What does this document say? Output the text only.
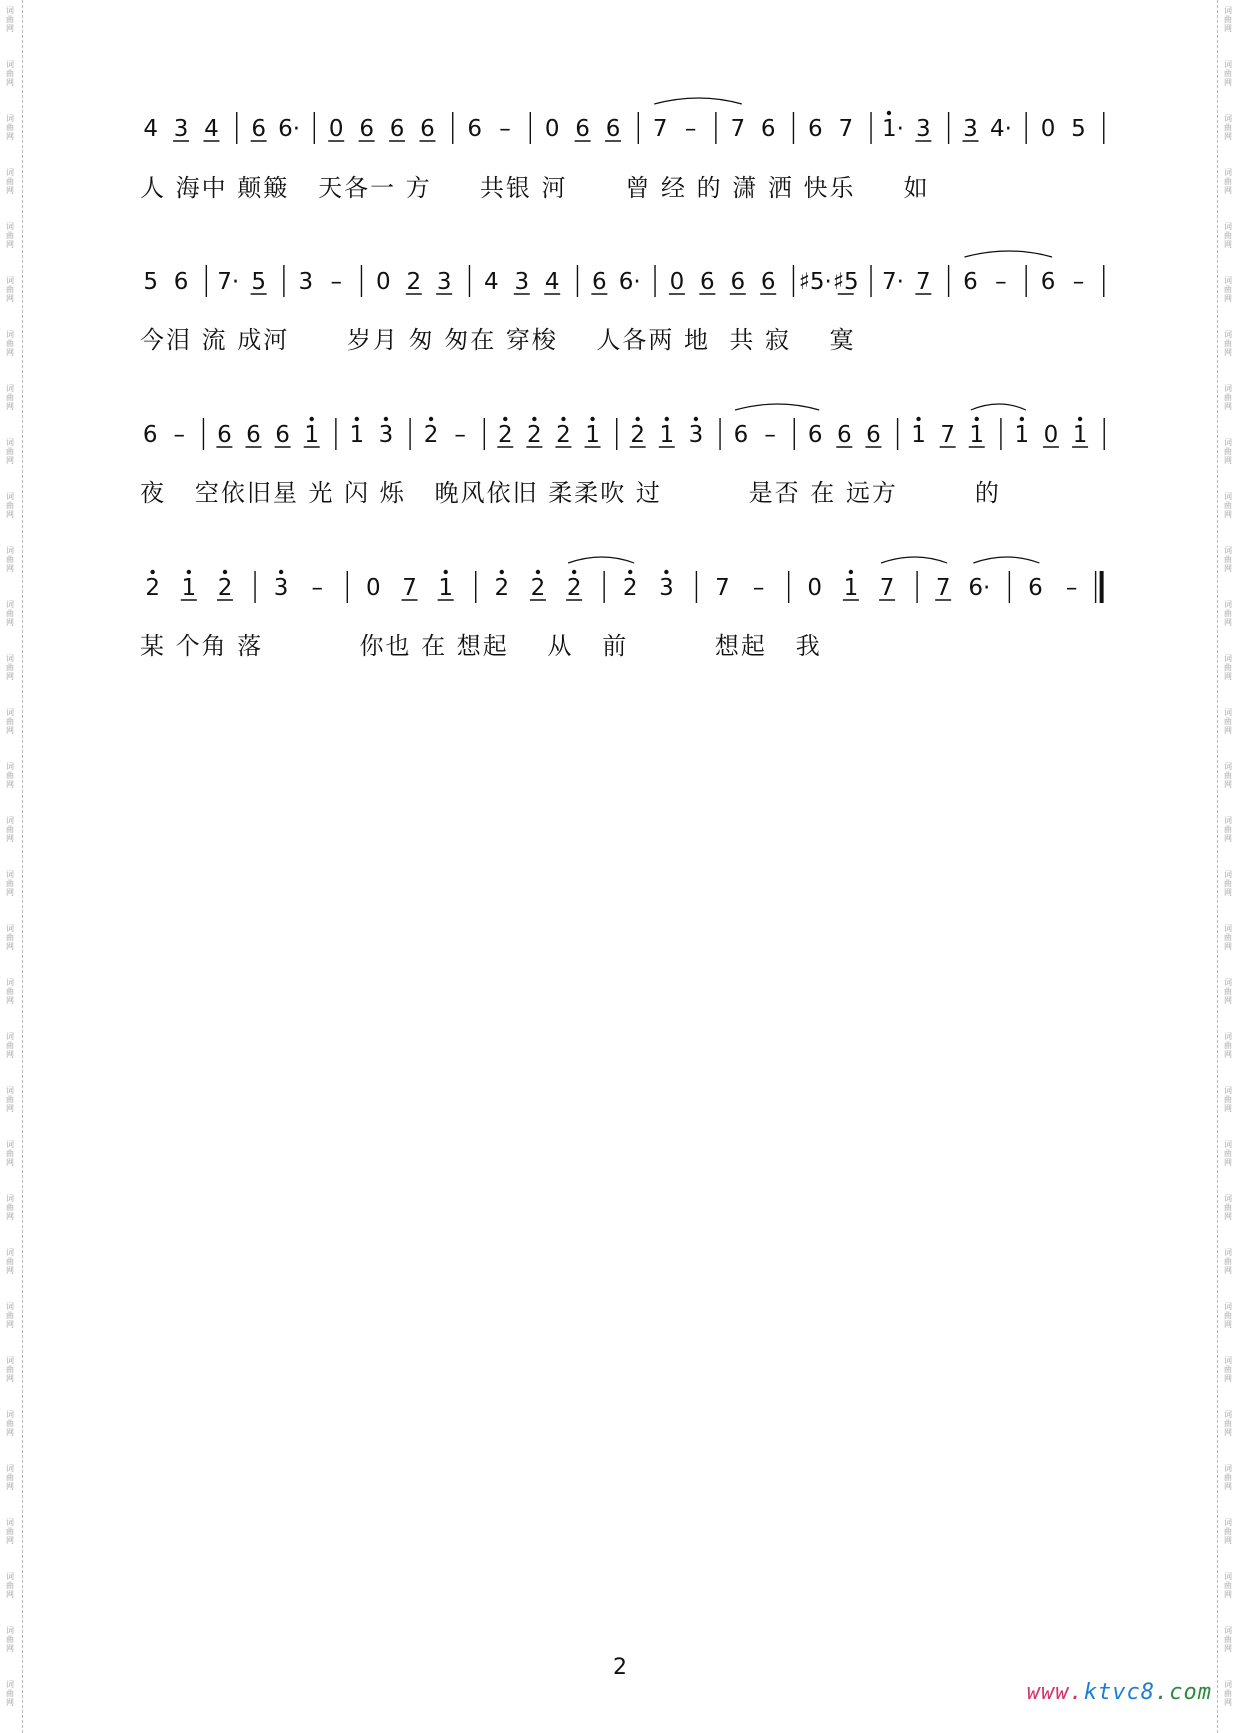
词
曲
网
词
曲
网
词
曲
网
词
曲
网
词
曲
网
词
曲
网
词
曲
网
词
曲
网
词
曲
网
词
曲
网
词
曲
网
词
曲
网
词
曲
网
词
曲
网
词
曲
网
词
曲
网
词
曲
网
词
曲
网
词
曲
网
词
曲
网
词
曲
网
词
曲
网
词
曲
网
词
曲
网
词
曲
网
词
曲
网
词
曲
网
词
曲
网
词
曲
网
词
曲
网
词
曲
网
词
曲
网
词
曲
网
词
曲
网
词
曲
网
词
曲
网
词
曲
网
词
曲
网
词
曲
网
词
曲
网
词
曲
网
词
曲
网
词
曲
网
词
曲
网
词
曲
网
词
曲
网
词
曲
网
词
曲
网
词
曲
网
词
曲
网
词
曲
网
词
曲
网
词
曲
网
词
曲
网
词
曲
网
词
曲
网
词
曲
网
词
曲
网
词
曲
网
词
曲
网
词
曲
网
词
曲
网
词
曲
网
词
曲
网
4 3 4 6 6· 0 6 6 6 6 – 0 6 6 7 – 7 6 6 7 1· 3 3 4· 0 5
5 6 7· 5 3 – 0 2 3 4 3 4 6 6· 0 6 6 6 ♯5· ♯5 7· 7 6 – 6 –
6 – 6 6 6 1 1 3 2 – 2 2 2 1 2 1 3 6 – 6 6 6 1 7 1 1 0 1
2 1 2 3 – 0 7 1 2 2 2 2 3 7 – 0 1 7 7 6· 6 –
人 海中 颠簸   天各一 方     共银 河      曾 经 的 潇 洒 快乐     如
今泪 流 成河      岁月 匆 匆在 穿梭    人各两 地  共 寂    寞
夜   空依旧星 光 闪 烁   晚风依旧 柔柔吹 过         是否 在 远方        的
某 个角 落          你也 在 想起    从   前         想起   我
2
www.ktvc8.com
